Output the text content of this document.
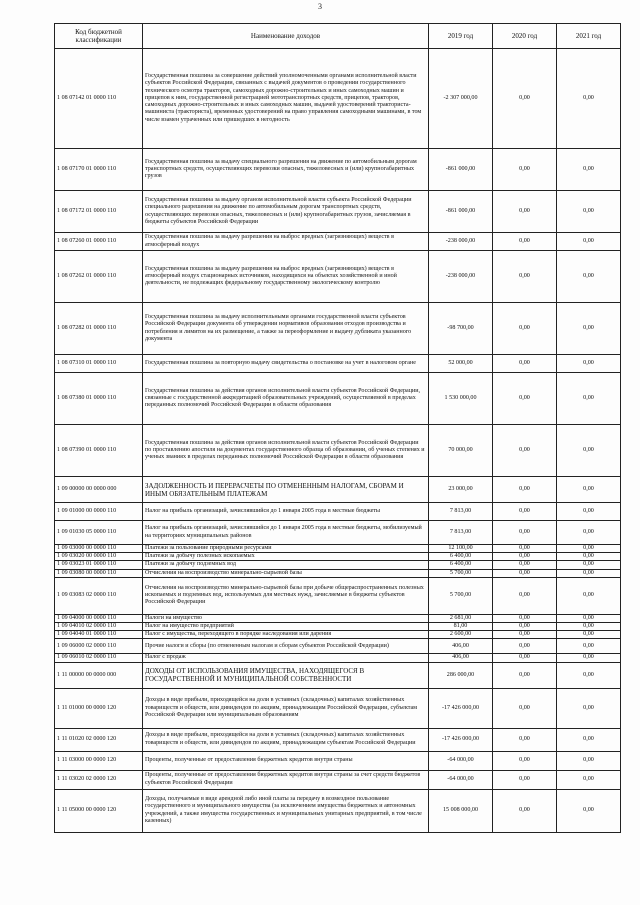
3
Код бюджетной классификации	Наименование доходов	2019 год	2020 год	2021 год
1 08 07142 01 0000 110	Государственная пошлина за совершение действий уполномоченными органами исполнительной власти субъектов Российской Федерации, связанных с выдачей документов о проведении государственного технического осмотра тракторов, самоходных дорожно-строительных и иных самоходных машин и прицепов к ним, государственной регистрацией мототранспортных средств, прицепов, тракторов, самоходных дорожно-строительных и иных самоходных машин, выдачей удостоверений тракториста-машиниста (тракториста), временных удостоверений на право управления самоходными машинами, в том числе взамен утраченных или пришедших в негодность	-2 307 000,00	0,00	0,00
1 08 07170 01 0000 110	Государственная пошлина за выдачу специального разрешения на движение по автомобильным дорогам транспортных средств, осуществляющих перевозки опасных, тяжеловесных и (или) крупногабаритных грузов	-861 000,00	0,00	0,00
1 08 07172 01 0000 110	Государственная пошлина за выдачу органом исполнительной власти субъекта Российской Федерации специального разрешения на движение по автомобильным дорогам транспортных средств, осуществляющих перевозки опасных, тяжеловесных и (или) крупногабаритных грузов, зачисляемая в бюджеты субъектов Российской Федерации	-861 000,00	0,00	0,00
1 08 07260 01 0000 110	Государственная пошлина за выдачу разрешения на выброс вредных (загрязняющих) веществ в атмосферный воздух	-238 000,00	0,00	0,00
1 08 07262 01 0000 110	Государственная пошлина за выдачу разрешения на выброс вредных (загрязняющих) веществ в атмосферный воздух стационарных источников, находящихся на объектах хозяйственной и иной деятельности, не подлежащих федеральному государственному экологическому контролю	-238 000,00	0,00	0,00
1 08 07282 01 0000 110	Государственная пошлина за выдачу исполнительными органами государственной власти субъектов Российской Федерации документа об утверждении нормативов образования отходов производства и потребления и лимитов на их размещение, а также за переоформление и выдачу дубликата указанного документа	-98 700,00	0,00	0,00
1 08 07310 01 0000 110	Государственная пошлина за повторную выдачу свидетельства о постановке на учет в налоговом органе	52 000,00	0,00	0,00
1 08 07380 01 0000 110	Государственная пошлина за действия органов исполнительной власти субъектов Российской Федерации, связанные с государственной аккредитацией образовательных учреждений, осуществляемой в пределах переданных полномочий Российской Федерации в области образования	1 530 000,00	0,00	0,00
1 08 07390 01 0000 110	Государственная пошлина за действия органов исполнительной власти субъектов Российской Федерации по проставлению апостиля на документах государственного образца об образовании, об ученых степенях и ученых званиях в пределах переданных полномочий Российской Федерации в области образования	70 000,00	0,00	0,00
1 09 00000 00 0000 000	ЗАДОЛЖЕННОСТЬ И ПЕРЕРАСЧЕТЫ ПО ОТМЕНЕННЫМ НАЛОГАМ, СБОРАМ И ИНЫМ ОБЯЗАТЕЛЬНЫМ ПЛАТЕЖАМ	23 000,00	0,00	0,00
1 09 01000 00 0000 110	Налог на прибыль организаций, зачислявшийся до 1 января 2005 года в местные бюджеты	7 813,00	0,00	0,00
1 09 01030 05 0000 110	Налог на прибыль организаций, зачислявшийся до 1 января 2005 года в местные бюджеты, мобилизуемый на территориях муниципальных районов	7 813,00	0,00	0,00
1 09 03000 00 0000 110	Платежи за пользование природными ресурсами	12 100,00	0,00	0,00
1 09 03020 00 0000 110	Платежи за добычу полезных ископаемых	6 400,00	0,00	0,00
1 09 03023 01 0000 110	Платежи за добычу подземных вод	6 400,00	0,00	0,00
1 09 03080 00 0000 110	Отчисления на воспроизводство минерально-сырьевой базы	5 700,00	0,00	0,00
1 09 03083 02 0000 110	Отчисления на воспроизводство минерально-сырьевой базы при добыче общераспространенных полезных ископаемых и подземных вод, используемых для местных нужд, зачисляемые в бюджеты субъектов Российской Федерации	5 700,00	0,00	0,00
1 09 04000 00 0000 110	Налоги на имущество	2 681,00	0,00	0,00
1 09 04010 02 0000 110	Налог на имущество предприятий	81,00	0,00	0,00
1 09 04040 01 0000 110	Налог с имущества, переходящего в порядке наследования или дарения	2 600,00	0,00	0,00
1 09 06000 02 0000 110	Прочие налоги и сборы (по отмененным налогам и сборам субъектов Российской Федерации)	406,00	0,00	0,00
1 09 06010 02 0000 110	Налог с продаж	406,00	0,00	0,00
1 11 00000 00 0000 000	ДОХОДЫ ОТ ИСПОЛЬЗОВАНИЯ ИМУЩЕСТВА, НАХОДЯЩЕГОСЯ В ГОСУДАРСТВЕННОЙ И МУНИЦИПАЛЬНОЙ СОБСТВЕННОСТИ	286 000,00	0,00	0,00
1 11 01000 00 0000 120	Доходы в виде прибыли, приходящейся на доли в уставных (складочных) капиталах хозяйственных товариществ и обществ, или дивидендов по акциям, принадлежащим Российской Федерации, субъектам Российской Федерации или муниципальным образованиям	-17 426 000,00	0,00	0,00
1 11 01020 02 0000 120	Доходы в виде прибыли, приходящейся на доли в уставных (складочных) капиталах хозяйственных товариществ и обществ, или дивидендов по акциям, принадлежащим субъектам Российской Федерации	-17 426 000,00	0,00	0,00
1 11 03000 00 0000 120	Проценты, полученные от предоставления бюджетных кредитов внутри страны	-64 000,00	0,00	0,00
1 11 03020 02 0000 120	Проценты, полученные от предоставления бюджетных кредитов внутри страны за счет средств бюджетов субъектов Российской Федерации	-64 000,00	0,00	0,00
1 11 05000 00 0000 120	Доходы, получаемые в виде арендной либо иной платы за передачу в возмездное пользование государственного и муниципального имущества (за исключением имущества бюджетных и автономных учреждений, а также имущества государственных и муниципальных унитарных предприятий, в том числе казенных)	15 008 000,00	0,00	0,00
